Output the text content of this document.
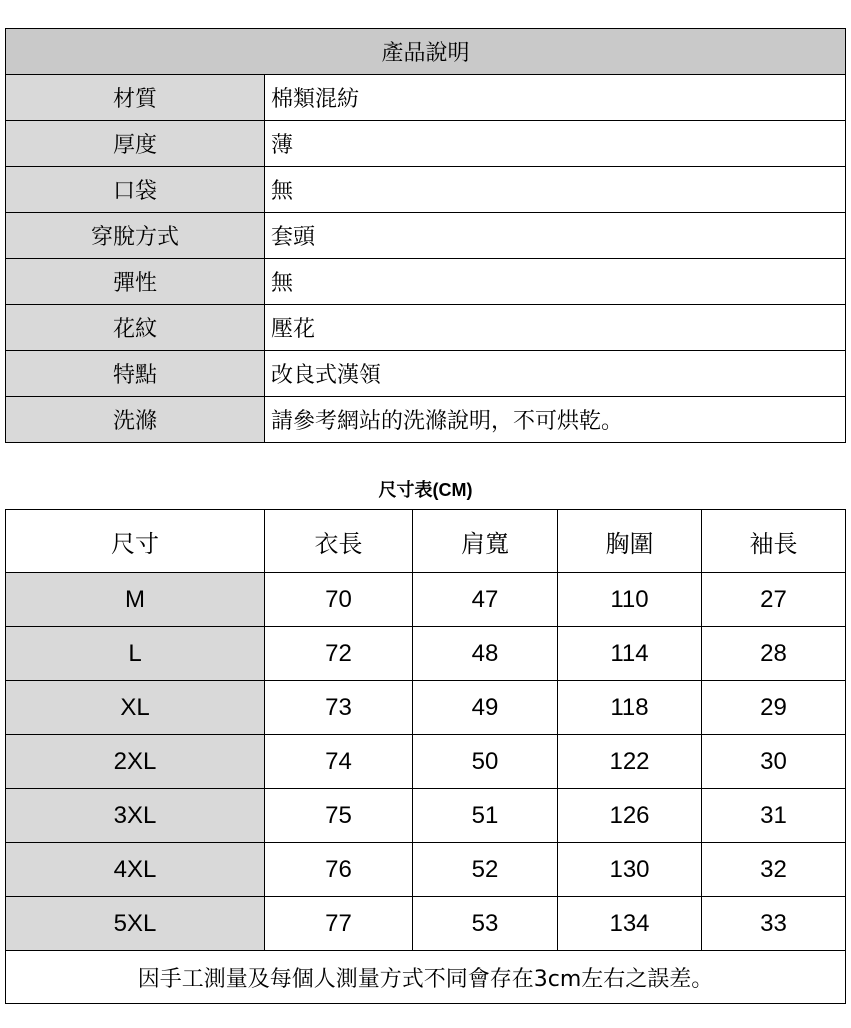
產品說明	
材質	棉類混紡
厚度	薄
口袋	無
穿脫方式	套頭
彈性	無
花紋	壓花
特點	改良式漢領
洗滌	請參考網站的洗滌說明，不可烘乾。
尺寸表(CM)
尺寸	衣長	肩寬	胸圍	袖長
M	70	47	110	27
L	72	48	114	28
XL	73	49	118	29
2XL	74	50	122	30
3XL	75	51	126	31
4XL	76	52	130	32
5XL	77	53	134	33
因手工測量及每個人測量方式不同會存在3cm左右之誤差。				
